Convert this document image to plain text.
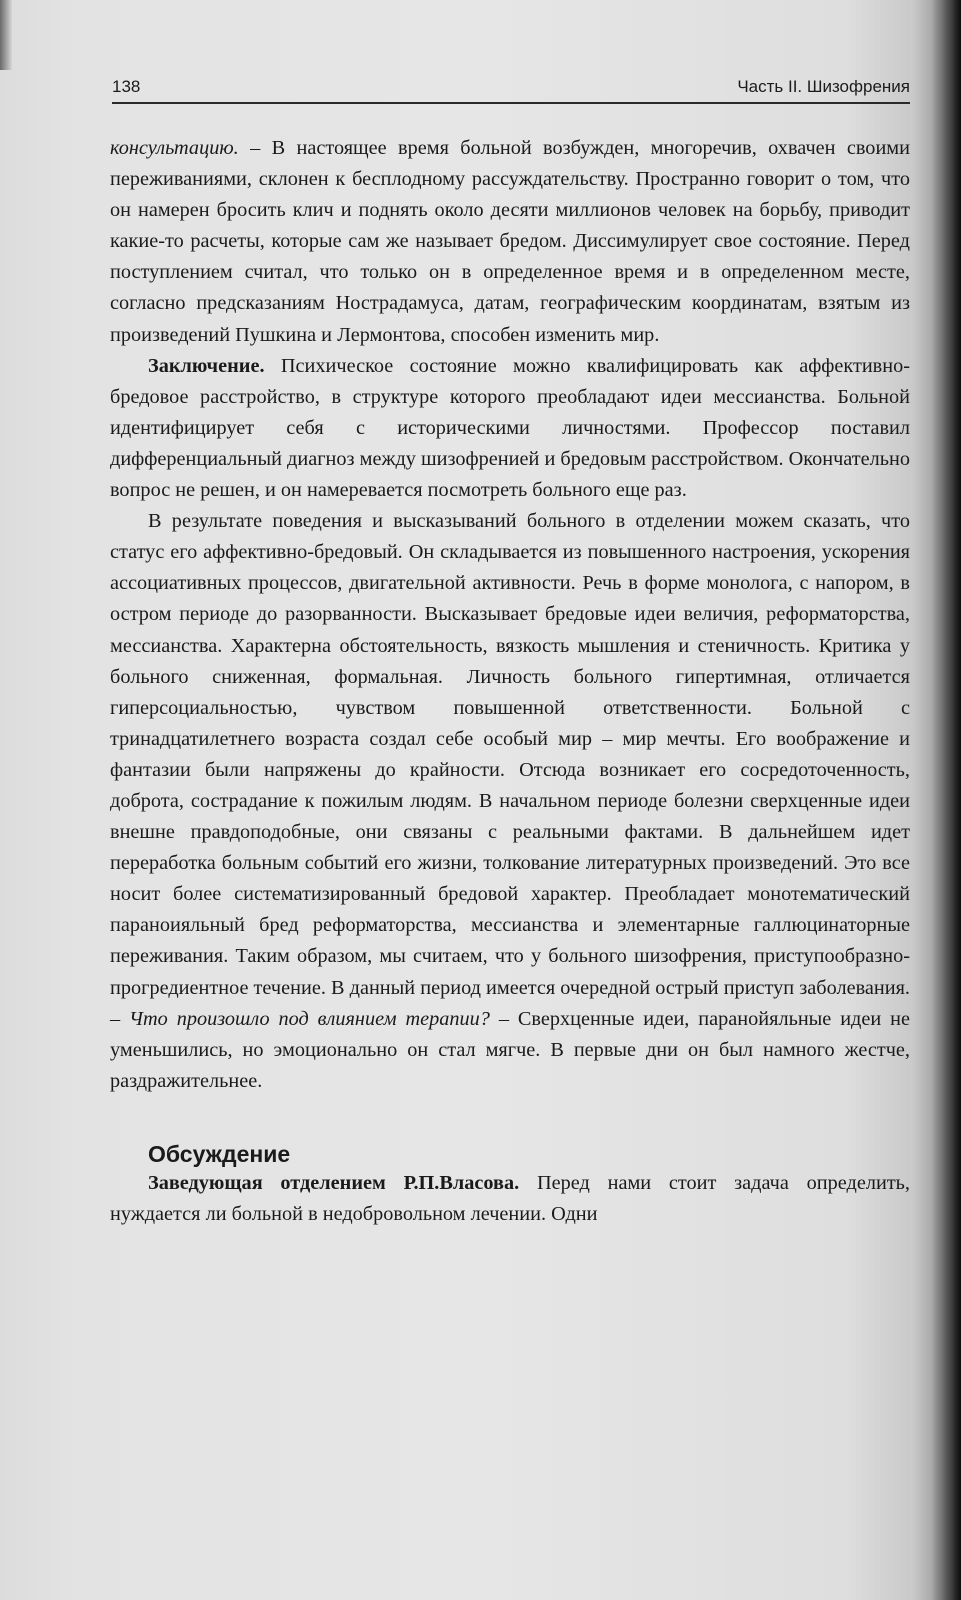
138	Часть II. Шизофрения

консультацию. – В настоящее время больной возбужден, многоречив, охвачен своими переживаниями, склонен к бесплодному рассуждательству. Пространно говорит о том, что он намерен бросить клич и поднять около десяти миллионов человек на борьбу, приводит какие-то расчеты, которые сам же называет бредом. Диссимулирует свое состояние. Перед поступлением считал, что только он в определенное время и в определенном месте, согласно предсказаниям Нострадамуса, датам, географическим координатам, взятым из произведений Пушкина и Лермонтова, способен изменить мир.

Заключение. Психическое состояние можно квалифицировать как аффективно-бредовое расстройство, в структуре которого преобладают идеи мессианства. Больной идентифицирует себя с историческими личностями. Профессор поставил дифференциальный диагноз между шизофренией и бредовым расстройством. Окончательно вопрос не решен, и он намеревается посмотреть больного еще раз.

В результате поведения и высказываний больного в отделении можем сказать, что статус его аффективно-бредовый. Он складывается из повышенного настроения, ускорения ассоциативных процессов, двигательной активности. Речь в форме монолога, с напором, в остром периоде до разорванности. Высказывает бредовые идеи величия, реформаторства, мессианства. Характерна обстоятельность, вязкость мышления и стеничность. Критика у больного сниженная, формальная. Личность больного гипертимная, отличается гиперсоциальностью, чувством повышенной ответственности. Больной с тринадцатилетнего возраста создал себе особый мир – мир мечты. Его воображение и фантазии были напряжены до крайности. Отсюда возникает его сосредоточенность, доброта, сострадание к пожилым людям. В начальном периоде болезни сверхценные идеи внешне правдоподобные, они связаны с реальными фактами. В дальнейшем идет переработка больным событий его жизни, толкование литературных произведений. Это все носит более систематизированный бредовой характер. Преобладает монотематический параноияльный бред реформаторства, мессианства и элементарные галлюцинаторные переживания. Таким образом, мы считаем, что у больного шизофрения, приступообразно-прогредиентное течение. В данный период имеется очередной острый приступ заболевания. – Что произошло под влиянием терапии? – Сверхценные идеи, паранойяльные идеи не уменьшились, но эмоционально он стал мягче. В первые дни он был намного жестче, раздражительнее.

Обсуждение

Заведующая отделением Р.П.Власова. Перед нами стоит задача определить, нуждается ли больной в недобровольном лечении. Одни
